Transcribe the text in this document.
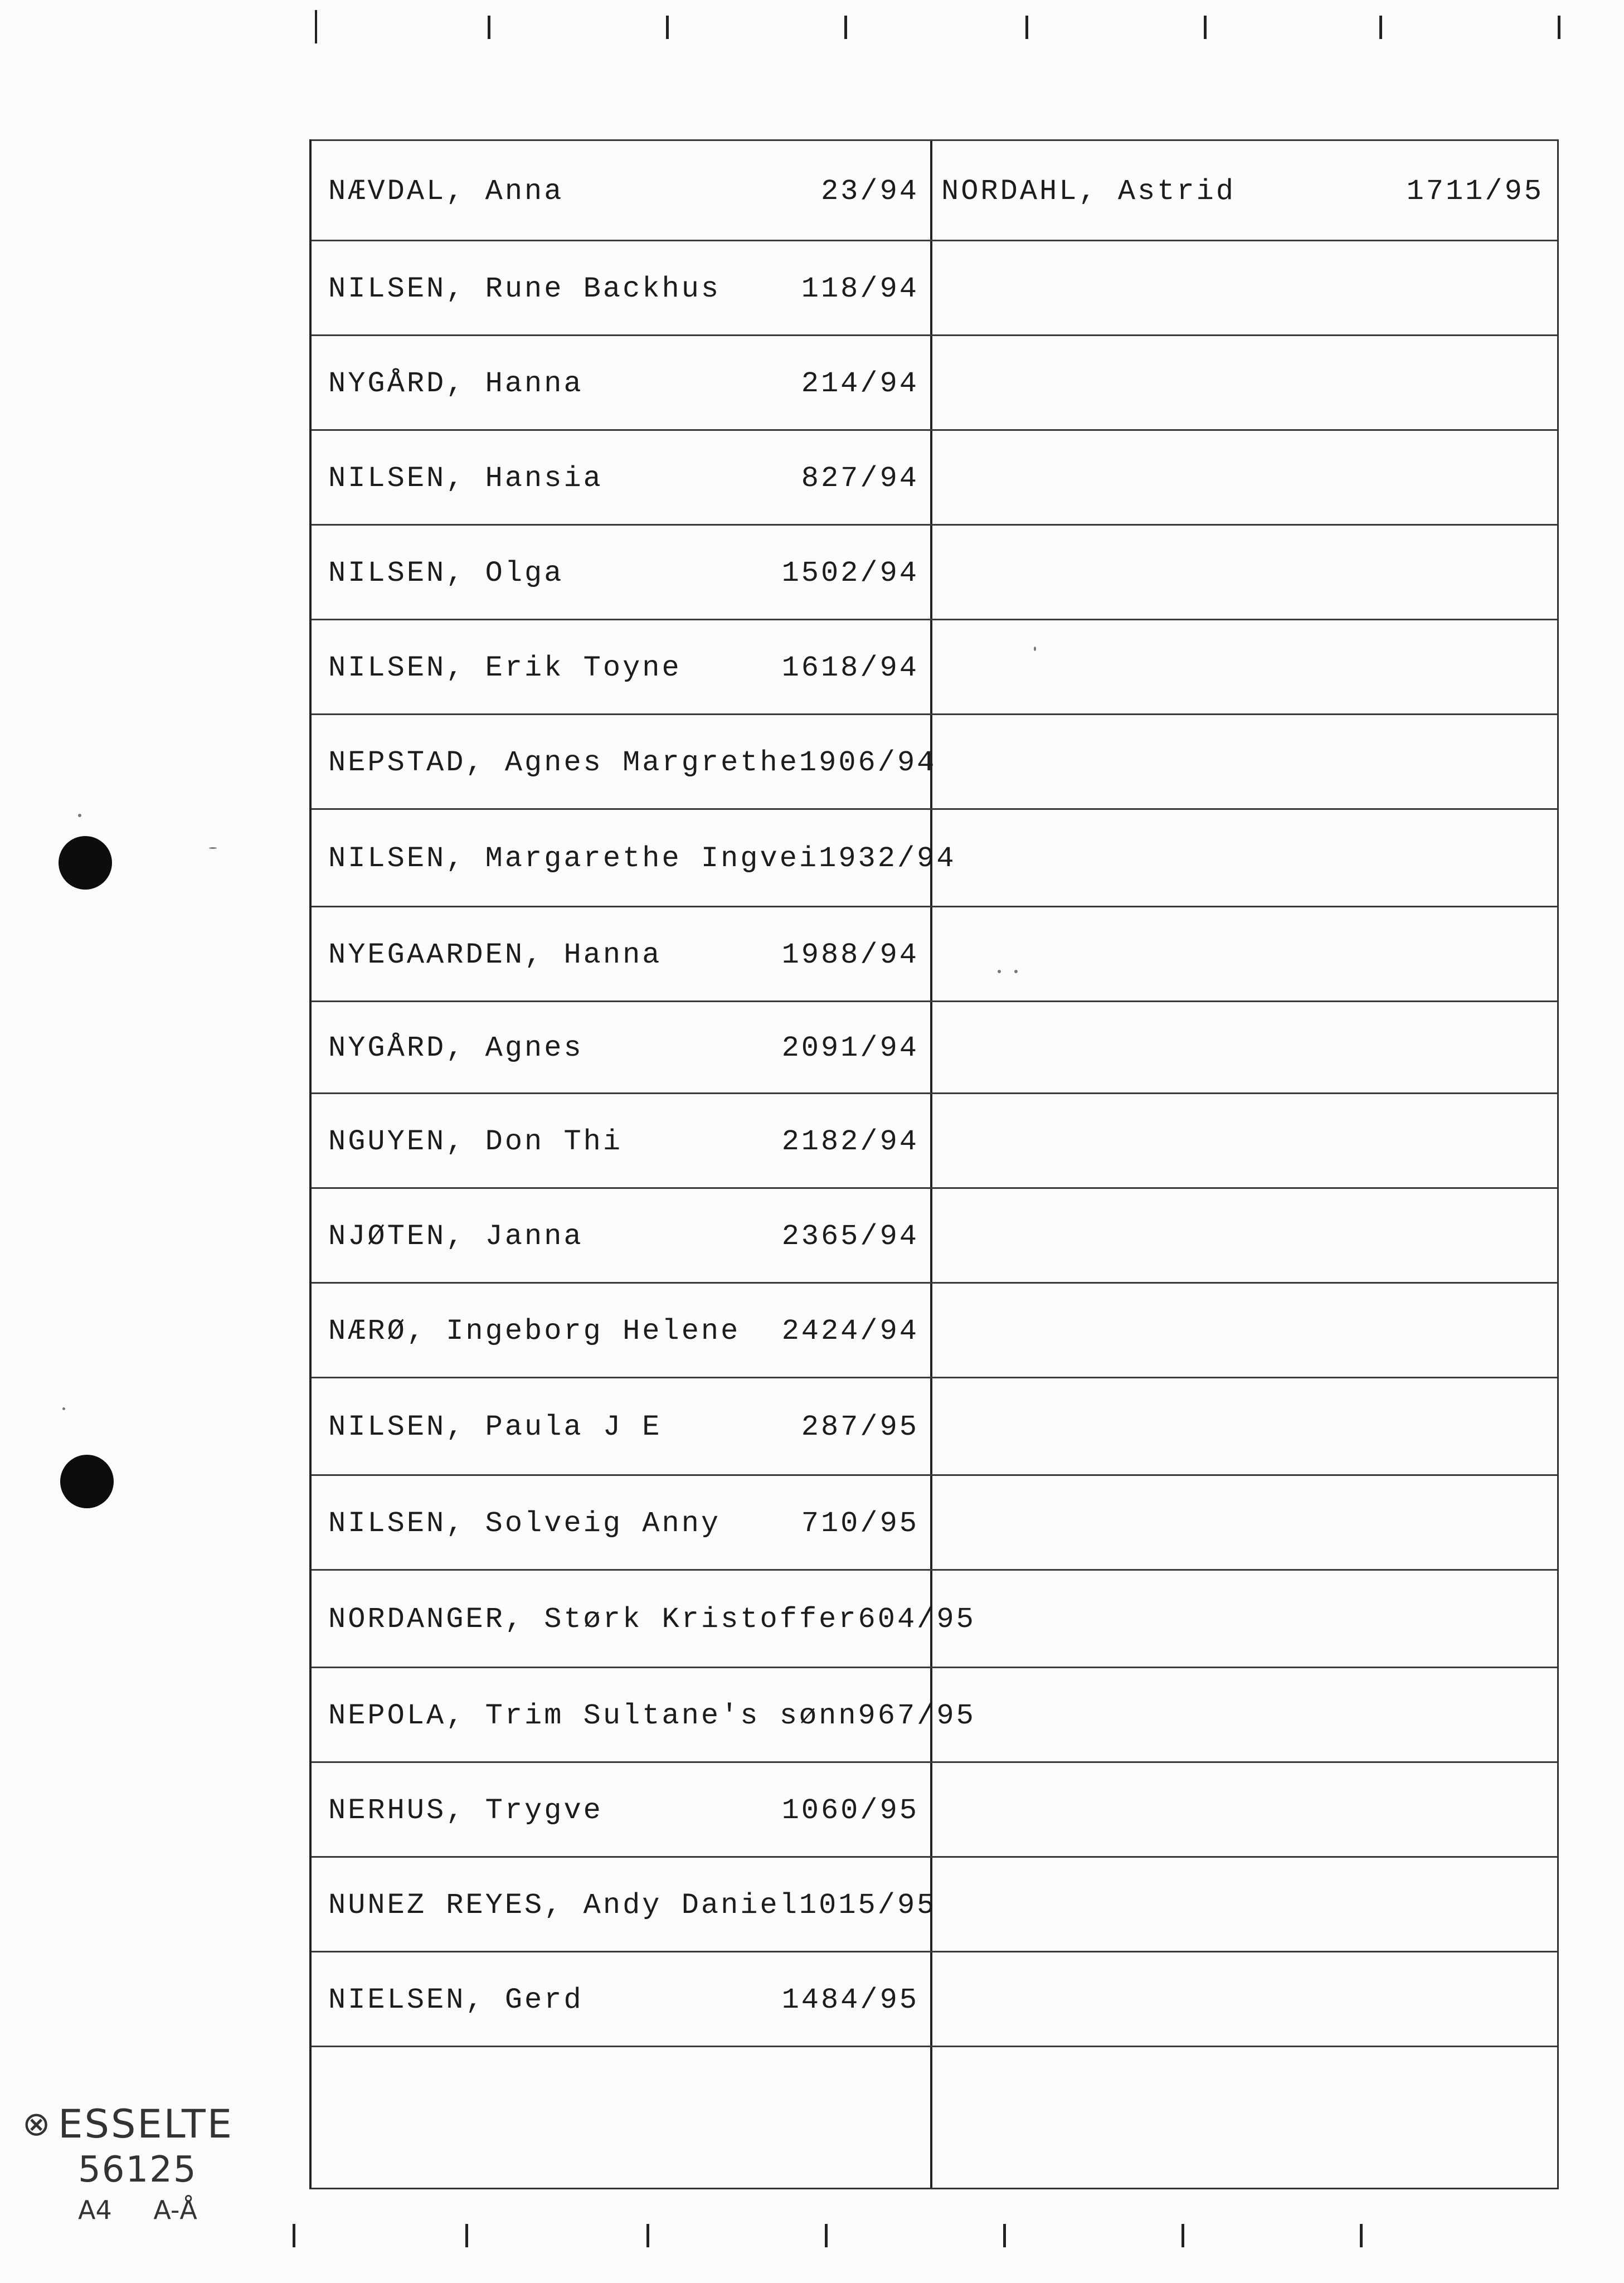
NÆVDAL, Anna	23/94 NORDAHL, Astrid	1711/95
NILSEN, Rune Backhus	118/94
NYGÅRD, Hanna	214/94
NILSEN, Hansia	827/94
NILSEN, Olga	1502/94
NILSEN, Erik Toyne	1618/94
NEPSTAD, Agnes Margrethe 1906/94
NILSEN, Margarethe Ingvei 1932/94
NYEGAARDEN, Hanna	1988/94
NYGÅRD, Agnes	2091/94
NGUYEN, Don Thi	2182/94
NJØTEN, Janna	2365/94
NÆRØ, Ingeborg Helene	2424/94
NILSEN, Paula J E	287/95
NILSEN, Solveig Anny	710/95
NORDANGER, Størk Kristoffer 604/95
NEPOLA, Trim Sultane's sønn 967/95
NERHUS, Trygve	1060/95
NUNEZ REYES, Andy Daniel 1015/95
NIELSEN, Gerd	1484/95
⊗ ESSELTE
56125
A4 A-Å
